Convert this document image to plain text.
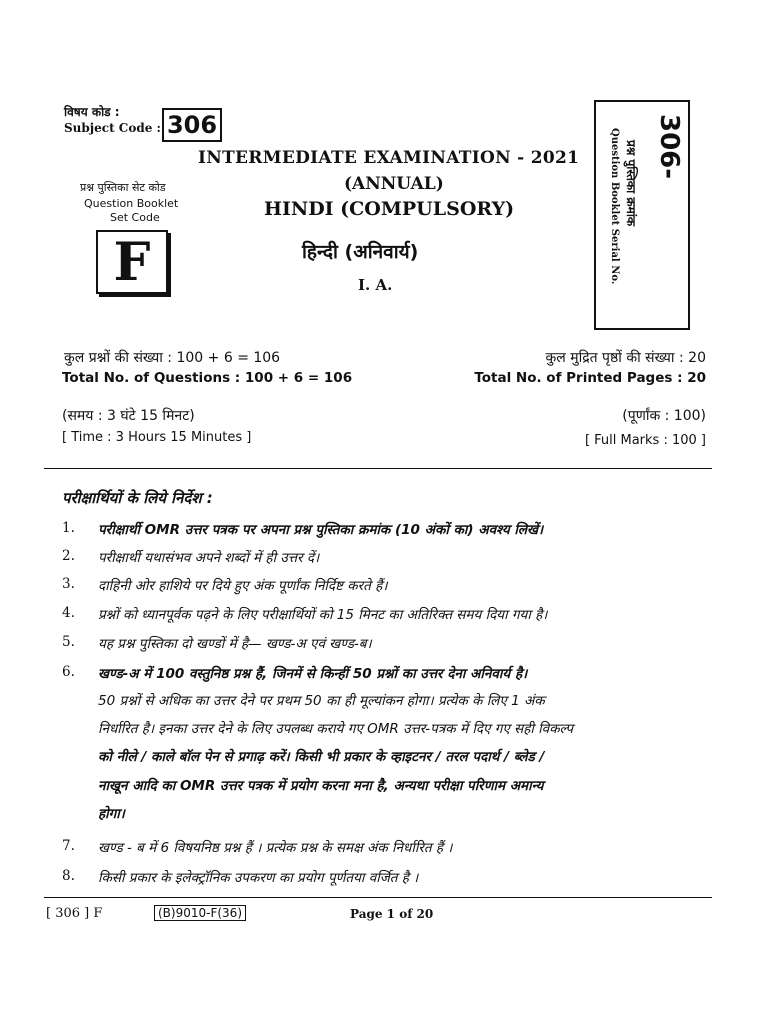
विषय कोड :
Subject Code : 306
INTERMEDIATE EXAMINATION - 2021
(ANNUAL)
HINDI (COMPULSORY)
हिन्दी (अनिवार्य)
I. A.
प्रश्न पुस्तिका सेट कोड
Question Booklet
Set Code
F
306-
प्रश्न पुस्तिका क्रमांक
Question Booklet Serial No.
कुल प्रश्नों की संख्या : 100 + 6 = 106
Total No. of Questions : 100 + 6 = 106
कुल मुद्रित पृष्ठों की संख्या : 20
Total No. of Printed Pages : 20
(समय : 3 घंटे 15 मिनट)
[ Time : 3 Hours 15 Minutes ]
(पूर्णांक : 100)
[ Full Marks : 100 ]
परीक्षार्थियों के लिये निर्देश :
1. परीक्षार्थी OMR उत्तर पत्रक पर अपना प्रश्न पुस्तिका क्रमांक (10 अंकों का) अवश्य लिखें।
2. परीक्षार्थी यथासंभव अपने शब्दों में ही उत्तर दें।
3. दाहिनी ओर हाशिये पर दिये हुए अंक पूर्णांक निर्दिष्ट करते हैं।
4. प्रश्नों को ध्यानपूर्वक पढ़ने के लिए परीक्षार्थियों को 15 मिनट का अतिरिक्त समय दिया गया है।
5. यह प्रश्न पुस्तिका दो खण्डों में है— खण्ड-अ एवं खण्ड-ब।
6. खण्ड-अ में 100 वस्तुनिष्ठ प्रश्न हैं, जिनमें से किन्हीं 50 प्रश्नों का उत्तर देना अनिवार्य है।
50 प्रश्नों से अधिक का उत्तर देने पर प्रथम 50 का ही मूल्यांकन होगा। प्रत्येक के लिए 1 अंक
निर्धारित है। इनका उत्तर देने के लिए उपलब्ध कराये गए OMR उत्तर-पत्रक में दिए गए सही विकल्प
को नीले / काले बॉल पेन से प्रगाढ़ करें। किसी भी प्रकार के व्हाइटनर / तरल पदार्थ / ब्लेड /
नाखून आदि का OMR उत्तर पत्रक में प्रयोग करना मना है, अन्यथा परीक्षा परिणाम अमान्य
होगा।
7. खण्ड - ब में 6 विषयनिष्ठ प्रश्न हैं । प्रत्येक प्रश्न के समक्ष अंक निर्धारित हैं ।
8. किसी प्रकार के इलेक्ट्रॉनिक उपकरण का प्रयोग पूर्णतया वर्जित है ।
[ 306 ] F	(B)9010-F(36)	Page 1 of 20
